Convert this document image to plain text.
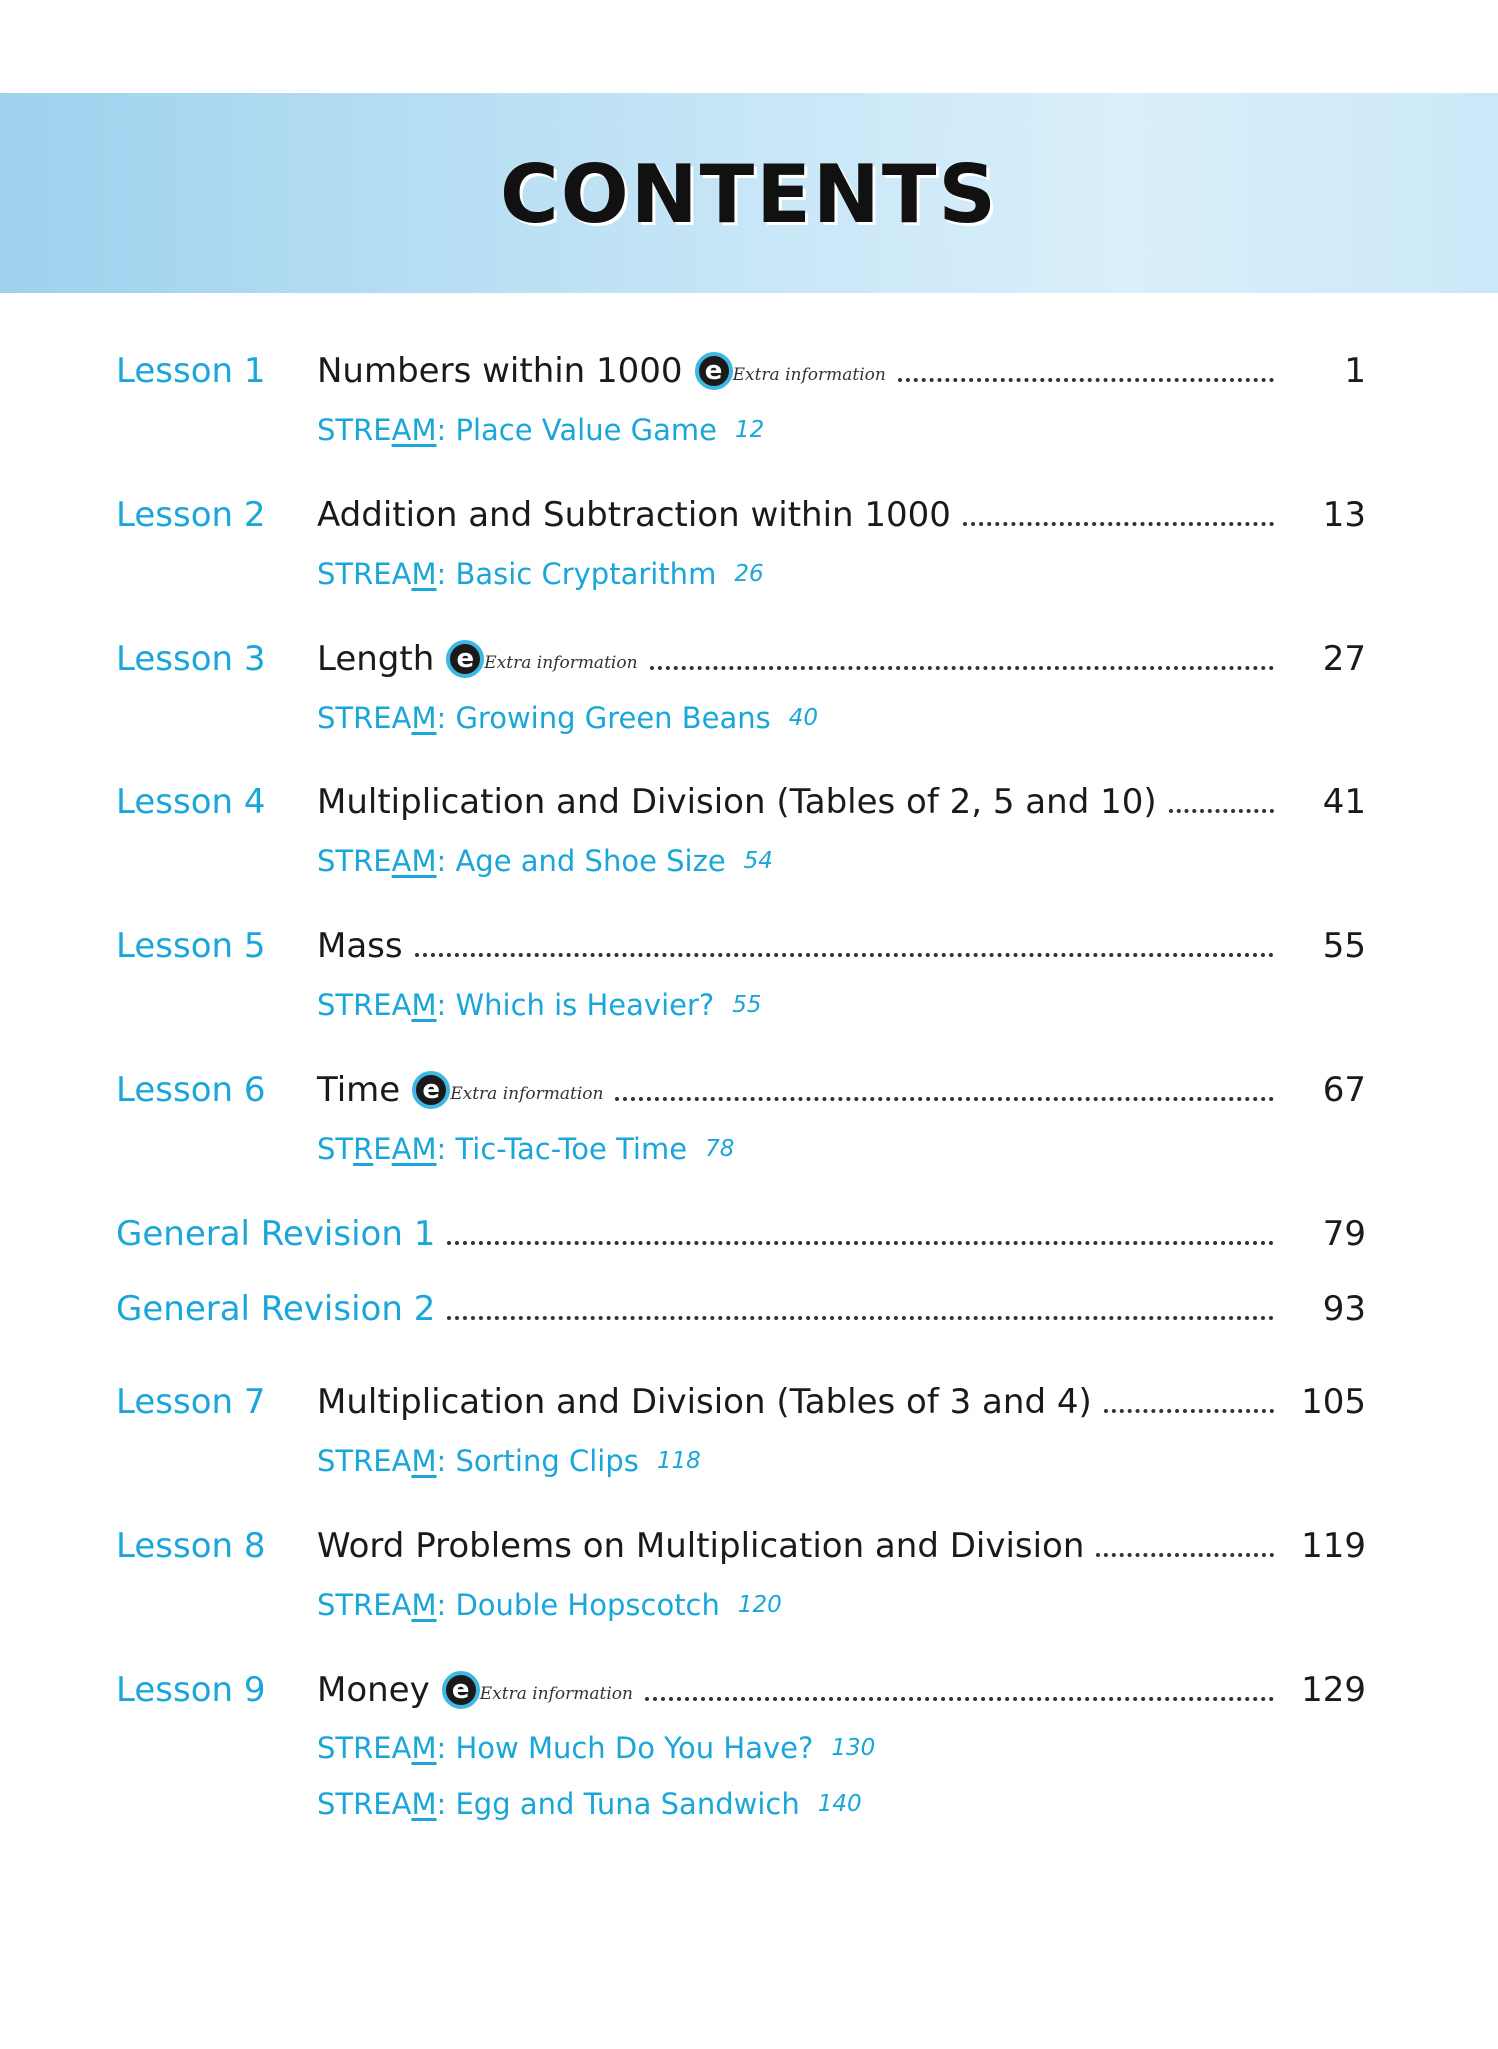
CONTENTS
Lesson 1	Numbers within 1000 e Extra information	1
STRE AM : Place Value Game 12
Lesson 2	Addition and Subtraction within 1000	13
STREA M : Basic Cryptarithm 26
Lesson 3	Length e Extra information	27
STREA M : Growing Green Beans 40
Lesson 4	Multiplication and Division (Tables of 2, 5 and 10)	41
STRE AM : Age and Shoe Size 54
Lesson 5	Mass	55
STREA M : Which is Heavier? 55
Lesson 6	Time e Extra information	67
ST R E AM : Tic-Tac-Toe Time 78
General Revision 1	79
General Revision 2	93
Lesson 7	Multiplication and Division (Tables of 3 and 4)	105
STREA M : Sorting Clips 118
Lesson 8	Word Problems on Multiplication and Division	119
STREA M : Double Hopscotch 120
Lesson 9	Money e Extra information	129
STREA M : How Much Do You Have? 130
STREA M : Egg and Tuna Sandwich 140
